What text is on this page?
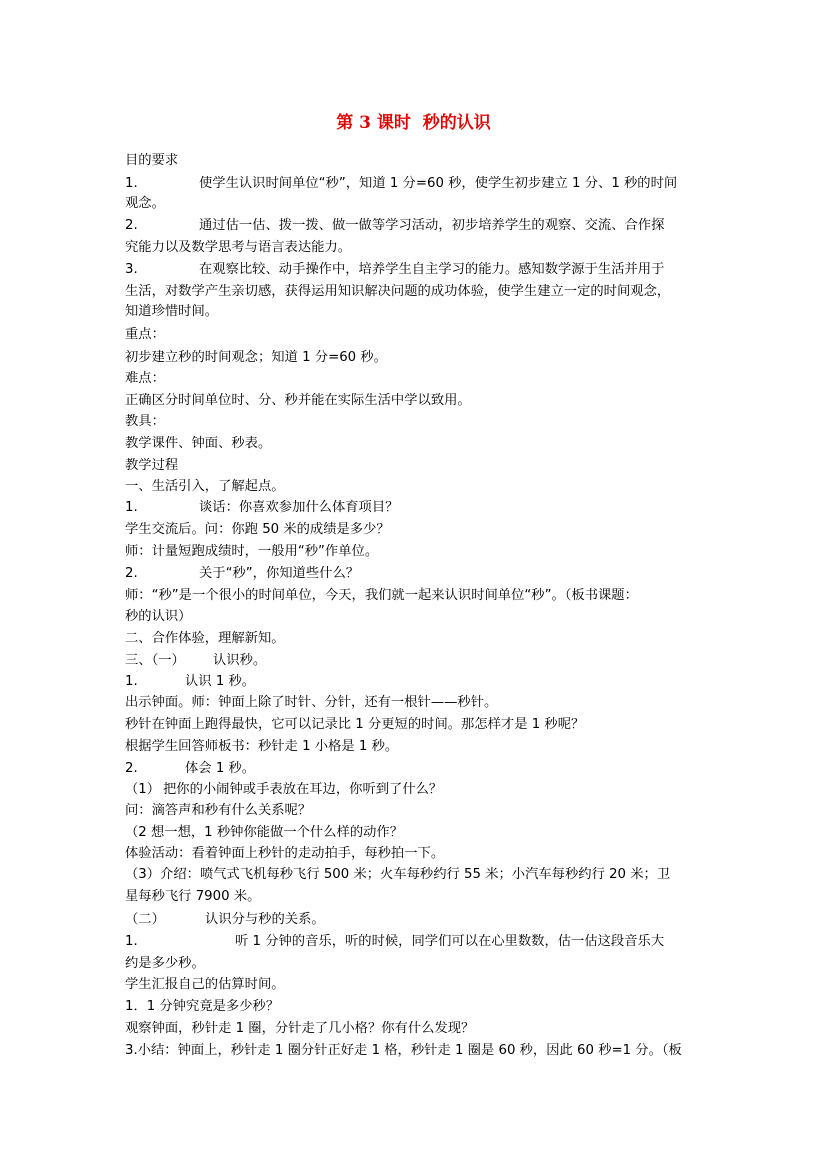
第 3 课时  秒的认识
目的要求
1.	使学生认识时间单位“秒”，知道 1 分=60 秒，使学生初步建立 1 分、1 秒的时间
观念。
2.	通过估一估、拨一拨、做一做等学习活动，初步培养学生的观察、交流、合作探
究能力以及数学思考与语言表达能力。
3.	在观察比较、动手操作中，培养学生自主学习的能力。感知数学源于生活并用于
生活，对数学产生亲切感，获得运用知识解决问题的成功体验，使学生建立一定的时间观念，
知道珍惜时间。
重点：
初步建立秒的时间观念；知道 1 分=60 秒。
难点：
正确区分时间单位时、分、秒并能在实际生活中学以致用。
教具：
教学课件、钟面、秒表。
教学过程
一、生活引入，了解起点。
1.	谈话：你喜欢参加什么体育项目？
学生交流后。问：你跑 50 米的成绩是多少？
师：计量短跑成绩时，一般用“秒”作单位。
2.	关于“秒”，你知道些什么？
师：“秒”是一个很小的时间单位，今天，我们就一起来认识时间单位“秒”。（板书课题：
秒的认识）
二、合作体验，理解新知。
三、（一） 认识秒。
1.	认识 1 秒。
出示钟面。师：钟面上除了时针、分针，还有一根针——秒针。
秒针在钟面上跑得最快，它可以记录比 1 分更短的时间。那怎样才是 1 秒呢？
根据学生回答师板书：秒针走 1 小格是 1 秒。
2.	体会 1 秒。
（1） 把你的小闹钟或手表放在耳边，你听到了什么？
问：滴答声和秒有什么关系呢？
（2 想一想，1 秒钟你能做一个什么样的动作？
体验活动：看着钟面上秒针的走动拍手，每秒拍一下。
（3）介绍：喷气式飞机每秒飞行 500 米；火车每秒约行 55 米；小汽车每秒约行 20 米；卫
星每秒飞行 7900 米。
（二）	认识分与秒的关系。
1.	听 1 分钟的音乐，听的时候，同学们可以在心里数数，估一估这段音乐大
约是多少秒。
学生汇报自己的估算时间。
1．1 分钟究竟是多少秒？
观察钟面，秒针走 1 圈，分针走了几小格？你有什么发现？
3.小结：钟面上，秒针走 1 圈分针正好走 1 格，秒针走 1 圈是 60 秒，因此 60 秒=1 分。（板
